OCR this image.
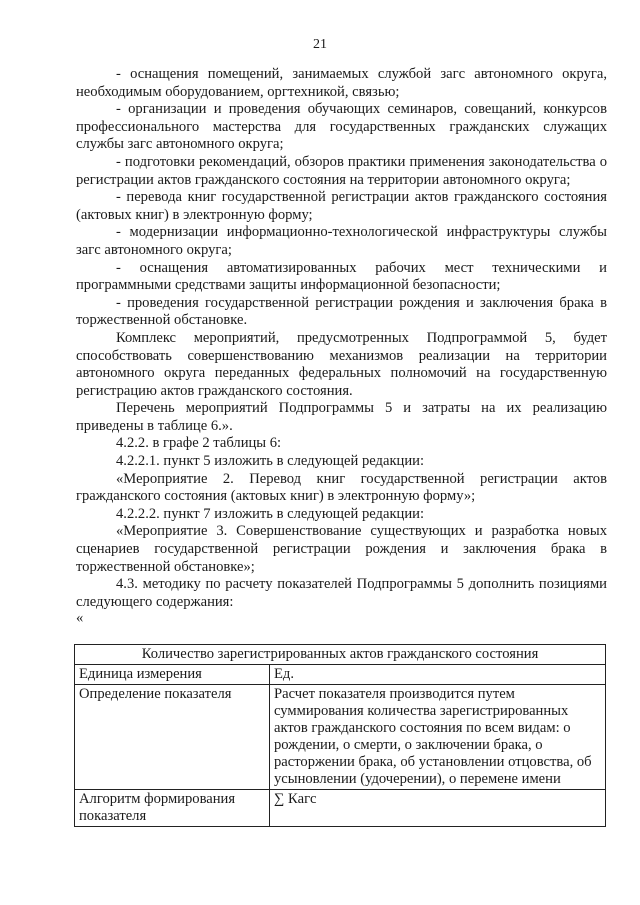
21

- оснащения помещений, занимаемых службой загс автономного округа, необходимым оборудованием, оргтехникой, связью;

- организации и проведения обучающих семинаров, совещаний, конкурсов профессионального мастерства для государственных гражданских служащих службы загс автономного округа;

- подготовки рекомендаций, обзоров практики применения законодательства о регистрации актов гражданского состояния на территории автономного округа;

- перевода книг государственной регистрации актов гражданского состояния (актовых книг) в электронную форму;

- модернизации информационно-технологической инфраструктуры службы загс автономного округа;

- оснащения автоматизированных рабочих мест техническими и программными средствами защиты информационной безопасности;

- проведения государственной регистрации рождения и заключения брака в торжественной обстановке.

Комплекс мероприятий, предусмотренных Подпрограммой 5, будет способствовать совершенствованию механизмов реализации на территории автономного округа переданных федеральных полномочий на государственную регистрацию актов гражданского состояния.

Перечень мероприятий Подпрограммы 5 и затраты на их реализацию приведены в таблице 6.».

4.2.2. в графе 2 таблицы 6:

4.2.2.1. пункт 5 изложить в следующей редакции:

«Мероприятие 2. Перевод книг государственной регистрации актов гражданского состояния (актовых книг) в электронную форму»;

4.2.2.2. пункт 7 изложить в следующей редакции:

«Мероприятие 3. Совершенствование существующих и разработка новых сценариев государственной регистрации рождения и заключения брака в торжественной обстановке»;

4.3. методику по расчету показателей Подпрограммы 5 дополнить позициями следующего содержания:

«

Количество зарегистрированных актов гражданского состояния	
Единица измерения	Ед.
Определение показателя	Расчет показателя производится путем суммирования количества зарегистрированных актов гражданского состояния по всем видам: о рождении, о смерти, о заключении брака, о расторжении брака, об установлении отцовства, об усыновлении (удочерении), о перемене имени
Алгоритм формирования показателя	∑ Кагс
